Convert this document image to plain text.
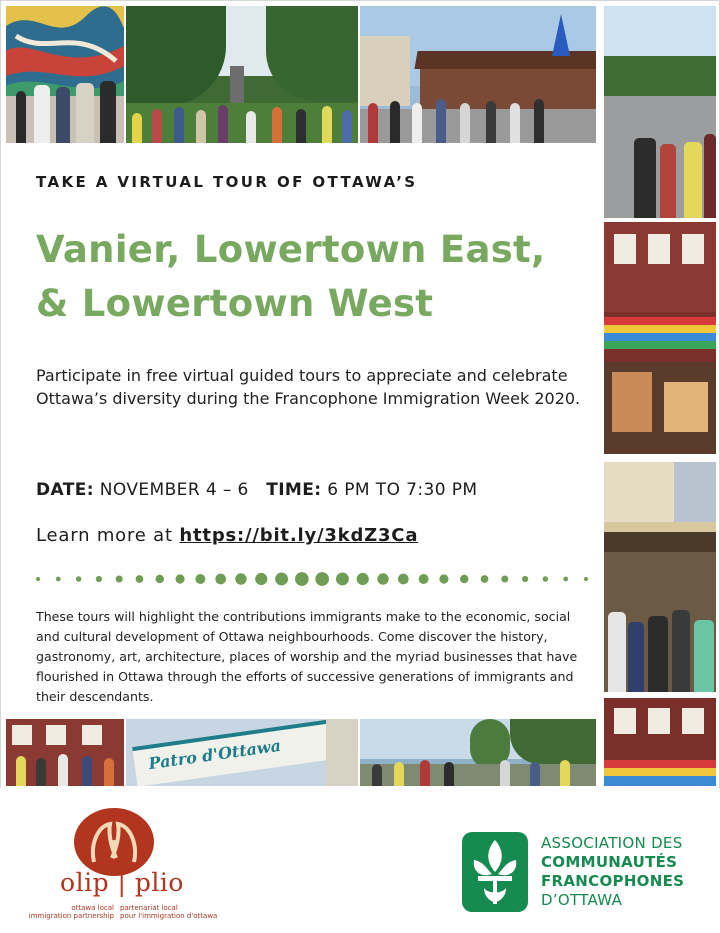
Patro d'Ottawa
TAKE A VIRTUAL TOUR OF OTTAWA’S
Vanier, Lowertown East,
& Lowertown West

Participate in free virtual guided tours to appreciate and celebrate Ottawa’s diversity during the Francophone Immigration Week 2020.

DATE: NOVEMBER 4 – 6 TIME: 6 PM TO 7:30 PM
Learn more at https://bit.ly/3kdZ3Ca

These tours will highlight the contributions immigrants make to the economic, social and cultural development of Ottawa neighbourhoods. Come discover the history, gastronomy, art, architecture, places of worship and the myriad businesses that have flourished in Ottawa through the efforts of successive generations of immigrants and their descendants.

olip | plio
ottawa local
immigration partnership
partenariat local
pour l'immigration d'ottawa
ASSOCIATION DES
COMMUNAUTÉS
FRANCOPHONES
D’OTTAWA
